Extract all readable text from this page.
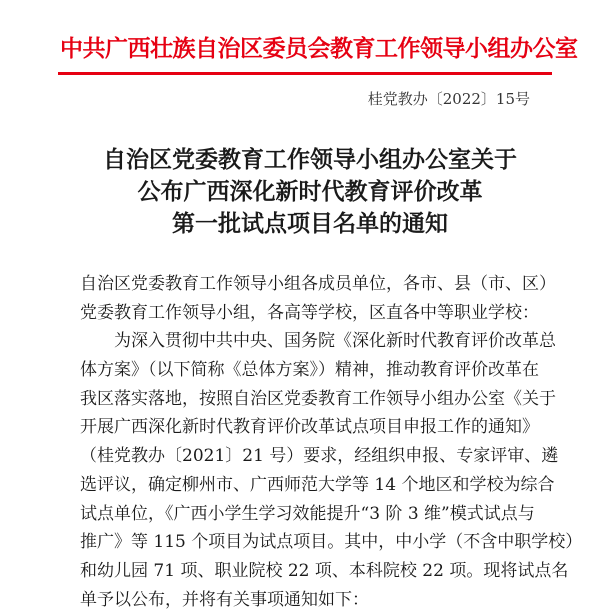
中共广西壮族自治区委员会教育工作领导小组办公室
桂党教办〔2022〕15号
自治区党委教育工作领导小组办公室关于
公布广西深化新时代教育评价改革
第一批试点项目名单的通知
自治区党委教育工作领导小组各成员单位，各市、县（市、区）
党委教育工作领导小组，各高等学校，区直各中等职业学校：
为深入贯彻中共中央、国务院《深化新时代教育评价改革总
体方案》（以下简称《总体方案》）精神，推动教育评价改革在
我区落实落地，按照自治区党委教育工作领导小组办公室《关于
开展广西深化新时代教育评价改革试点项目申报工作的通知》
（桂党教办〔2021〕21 号）要求，经组织申报、专家评审、遴
选评议，确定柳州市、广西师范大学等 14 个地区和学校为综合
试点单位，《广西小学生学习效能提升“3 阶 3 维”模式试点与
推广》等 115 个项目为试点项目。其中，中小学（不含中职学校）
和幼儿园 71 项、职业院校 22 项、本科院校 22 项。现将试点名
单予以公布，并将有关事项通知如下：
